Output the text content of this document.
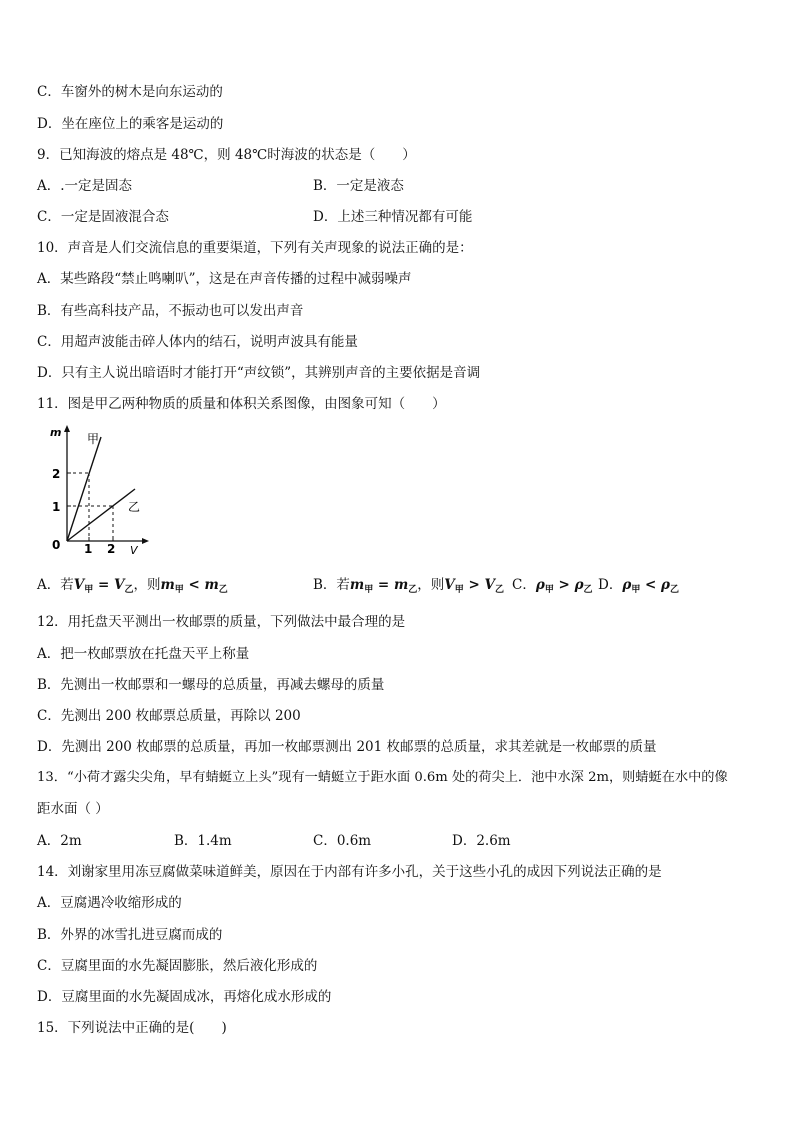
C．车窗外的树木是向东运动的
D．坐在座位上的乘客是运动的
9．已知海波的熔点是 48℃，则 48℃时海波的状态是（　　）
A．.一定是固态	B．一定是液态
C．一定是固液混合态	D．上述三种情况都有可能
10．声音是人们交流信息的重要渠道，下列有关声现象的说法正确的是：
A．某些路段“禁止鸣喇叭”，这是在声音传播的过程中减弱噪声
B．有些高科技产品，不振动也可以发出声音
C．用超声波能击碎人体内的结石，说明声波具有能量
D．只有主人说出暗语时才能打开“声纹锁”，其辨别声音的主要依据是音调
11．图是甲乙两种物质的质量和体积关系图像，由图象可知（　　）
m
V
0 1 2
1
2
甲
乙
A．若$V_甲 = V_乙$，则$m_甲 < m_乙$	B．若$m_甲 = m_乙$，则$V_甲 > V_乙$ C．$\rho_甲 > \rho_乙$ D．$\rho_甲 < \rho_乙$
12．用托盘天平测出一枚邮票的质量，下列做法中最合理的是
A．把一枚邮票放在托盘天平上称量
B．先测出一枚邮票和一螺母的总质量，再减去螺母的质量
C．先测出 200 枚邮票总质量，再除以 200
D．先测出 200 枚邮票的总质量，再加一枚邮票测出 201 枚邮票的总质量，求其差就是一枚邮票的质量
13．“小荷才露尖尖角，早有蜻蜓立上头”现有一蜻蜓立于距水面 0.6m 处的荷尖上．池中水深 2m，则蜻蜓在水中的像
距水面（ ）
A．2m	B．1.4m	C．0.6m	D．2.6m
14．刘谢家里用冻豆腐做菜味道鲜美，原因在于内部有许多小孔，关于这些小孔的成因下列说法正确的是
A．豆腐遇冷收缩形成的
B．外界的冰雪扎进豆腐而成的
C．豆腐里面的水先凝固膨胀，然后液化形成的
D．豆腐里面的水先凝固成冰，再熔化成水形成的
15．下列说法中正确的是(　　)
